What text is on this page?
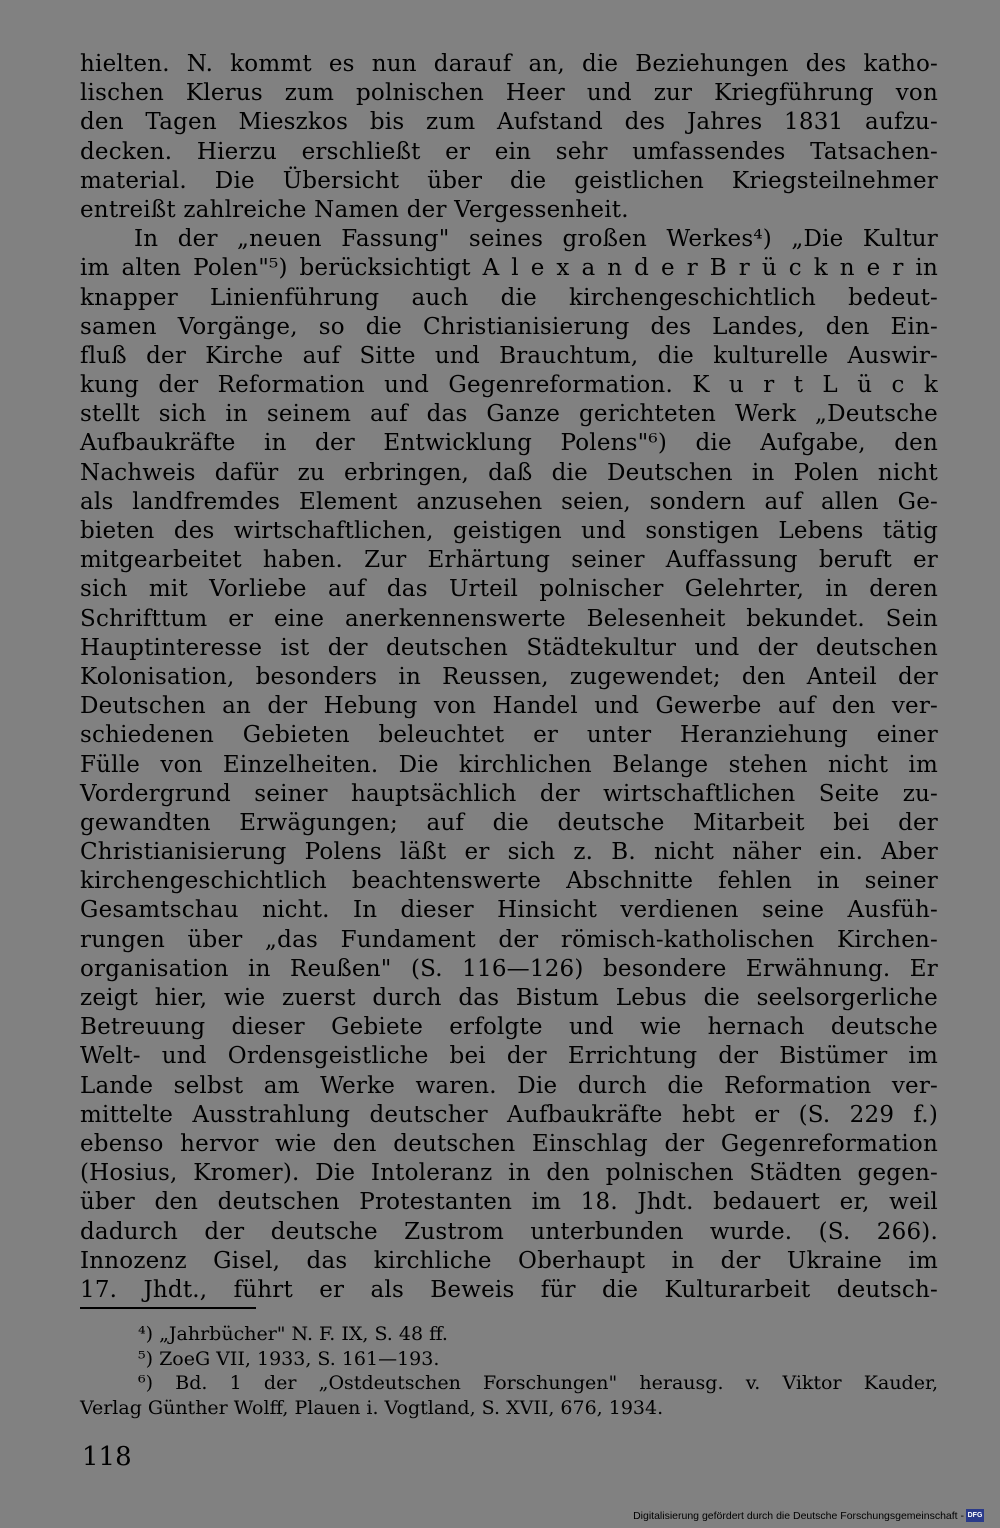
hielten. N. kommt es nun darauf an, die Beziehungen des katho-
lischen Klerus zum polnischen Heer und zur Kriegführung von
den Tagen Mieszkos bis zum Aufstand des Jahres 1831 aufzu-
decken. Hierzu erschließt er ein sehr umfassendes Tatsachen-
material. Die Übersicht über die geistlichen Kriegsteilnehmer
entreißt zahlreiche Namen der Vergessenheit.
In der „neuen Fassung" seines großen Werkes⁴) „Die Kultur
im alten Polen"⁵) berücksichtigt A l e x a n d e r B r ü c k n e r in
knapper Linienführung auch die kirchengeschichtlich bedeut-
samen Vorgänge, so die Christianisierung des Landes, den Ein-
fluß der Kirche auf Sitte und Brauchtum, die kulturelle Auswir-
kung der Reformation und Gegenreformation. K u r t L ü c k
stellt sich in seinem auf das Ganze gerichteten Werk „Deutsche
Aufbaukräfte in der Entwicklung Polens"⁶) die Aufgabe, den
Nachweis dafür zu erbringen, daß die Deutschen in Polen nicht
als landfremdes Element anzusehen seien, sondern auf allen Ge-
bieten des wirtschaftlichen, geistigen und sonstigen Lebens tätig
mitgearbeitet haben. Zur Erhärtung seiner Auffassung beruft er
sich mit Vorliebe auf das Urteil polnischer Gelehrter, in deren
Schrifttum er eine anerkennenswerte Belesenheit bekundet. Sein
Hauptinteresse ist der deutschen Städtekultur und der deutschen
Kolonisation, besonders in Reussen, zugewendet; den Anteil der
Deutschen an der Hebung von Handel und Gewerbe auf den ver-
schiedenen Gebieten beleuchtet er unter Heranziehung einer
Fülle von Einzelheiten. Die kirchlichen Belange stehen nicht im
Vordergrund seiner hauptsächlich der wirtschaftlichen Seite zu-
gewandten Erwägungen; auf die deutsche Mitarbeit bei der
Christianisierung Polens läßt er sich z. B. nicht näher ein. Aber
kirchengeschichtlich beachtenswerte Abschnitte fehlen in seiner
Gesamtschau nicht. In dieser Hinsicht verdienen seine Ausfüh-
rungen über „das Fundament der römisch-katholischen Kirchen-
organisation in Reußen" (S. 116—126) besondere Erwähnung. Er
zeigt hier, wie zuerst durch das Bistum Lebus die seelsorgerliche
Betreuung dieser Gebiete erfolgte und wie hernach deutsche
Welt- und Ordensgeistliche bei der Errichtung der Bistümer im
Lande selbst am Werke waren. Die durch die Reformation ver-
mittelte Ausstrahlung deutscher Aufbaukräfte hebt er (S. 229 f.)
ebenso hervor wie den deutschen Einschlag der Gegenreformation
(Hosius, Kromer). Die Intoleranz in den polnischen Städten gegen-
über den deutschen Protestanten im 18. Jhdt. bedauert er, weil
dadurch der deutsche Zustrom unterbunden wurde. (S. 266).
Innozenz Gisel, das kirchliche Oberhaupt in der Ukraine im
17. Jhdt., führt er als Beweis für die Kulturarbeit deutsch-
⁴) „Jahrbücher" N. F. IX, S. 48 ff.
⁵) ZoeG VII, 1933, S. 161—193.
⁶) Bd. 1 der „Ostdeutschen Forschungen" herausg. v. Viktor Kauder,
Verlag Günther Wolff, Plauen i. Vogtland, S. XVII, 676, 1934.
118
Digitalisierung gefördert durch die Deutsche Forschungsgemeinschaft - DFG
